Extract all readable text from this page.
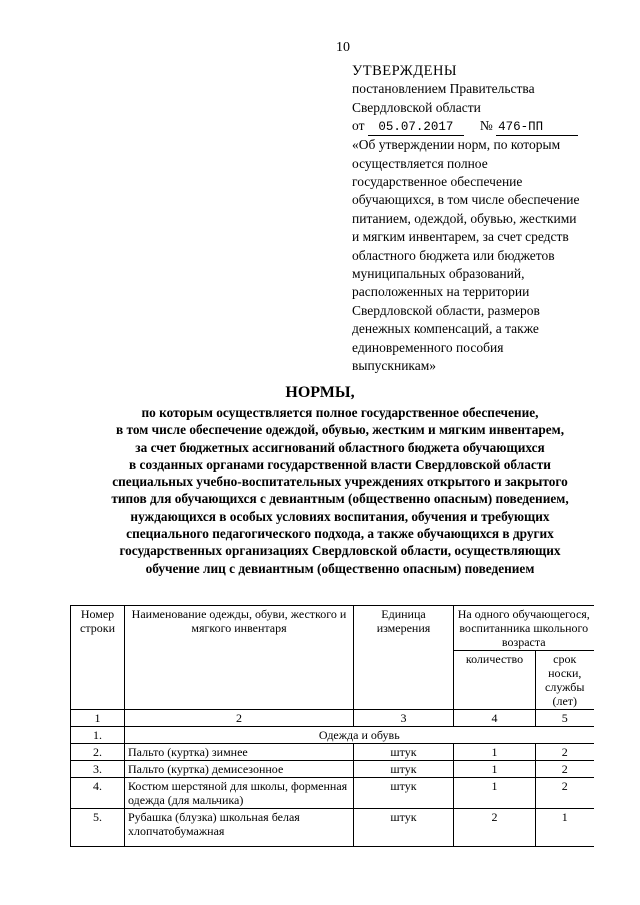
10
УТВЕРЖДЕНЫ
постановлением Правительства
Свердловской области
от 05.07.2017 № 476-ПП
«Об утверждении норм, по которым
осуществляется полное
государственное обеспечение
обучающихся, в том числе обеспечение
питанием, одеждой, обувью, жесткими
и мягким инвентарем, за счет средств
областного бюджета или бюджетов
муниципальных образований,
расположенных на территории
Свердловской области, размеров
денежных компенсаций, а также
единовременного пособия
выпускникам»
НОРМЫ,
по которым осуществляется полное государственное обеспечение,
в том числе обеспечение одеждой, обувью, жестким и мягким инвентарем,
за счет бюджетных ассигнований областного бюджета обучающихся
в созданных органами государственной власти Свердловской области
специальных учебно-воспитательных учреждениях открытого и закрытого
типов для обучающихся с девиантным (общественно опасным) поведением,
нуждающихся в особых условиях воспитания, обучения и требующих
специального педагогического подхода, а также обучающихся в других
государственных организациях Свердловской области, осуществляющих
обучение лиц с девиантным (общественно опасным) поведением
Номер строки	Наименование одежды, обуви, жесткого и мягкого инвентаря	Единица измерения	На одного обучающегося, воспитанника школьного возраста	
			количество	срок носки, службы (лет)
1	2	3	4	5
1.	Одежда и обувь			
2.	Пальто (куртка) зимнее	штук	1	2
3.	Пальто (куртка) демисезонное	штук	1	2
4.	Костюм шерстяной для школы, форменная одежда (для мальчика)	штук	1	2
5.	Рубашка (блузка) школьная белая хлопчатобумажная	штук	2	1
